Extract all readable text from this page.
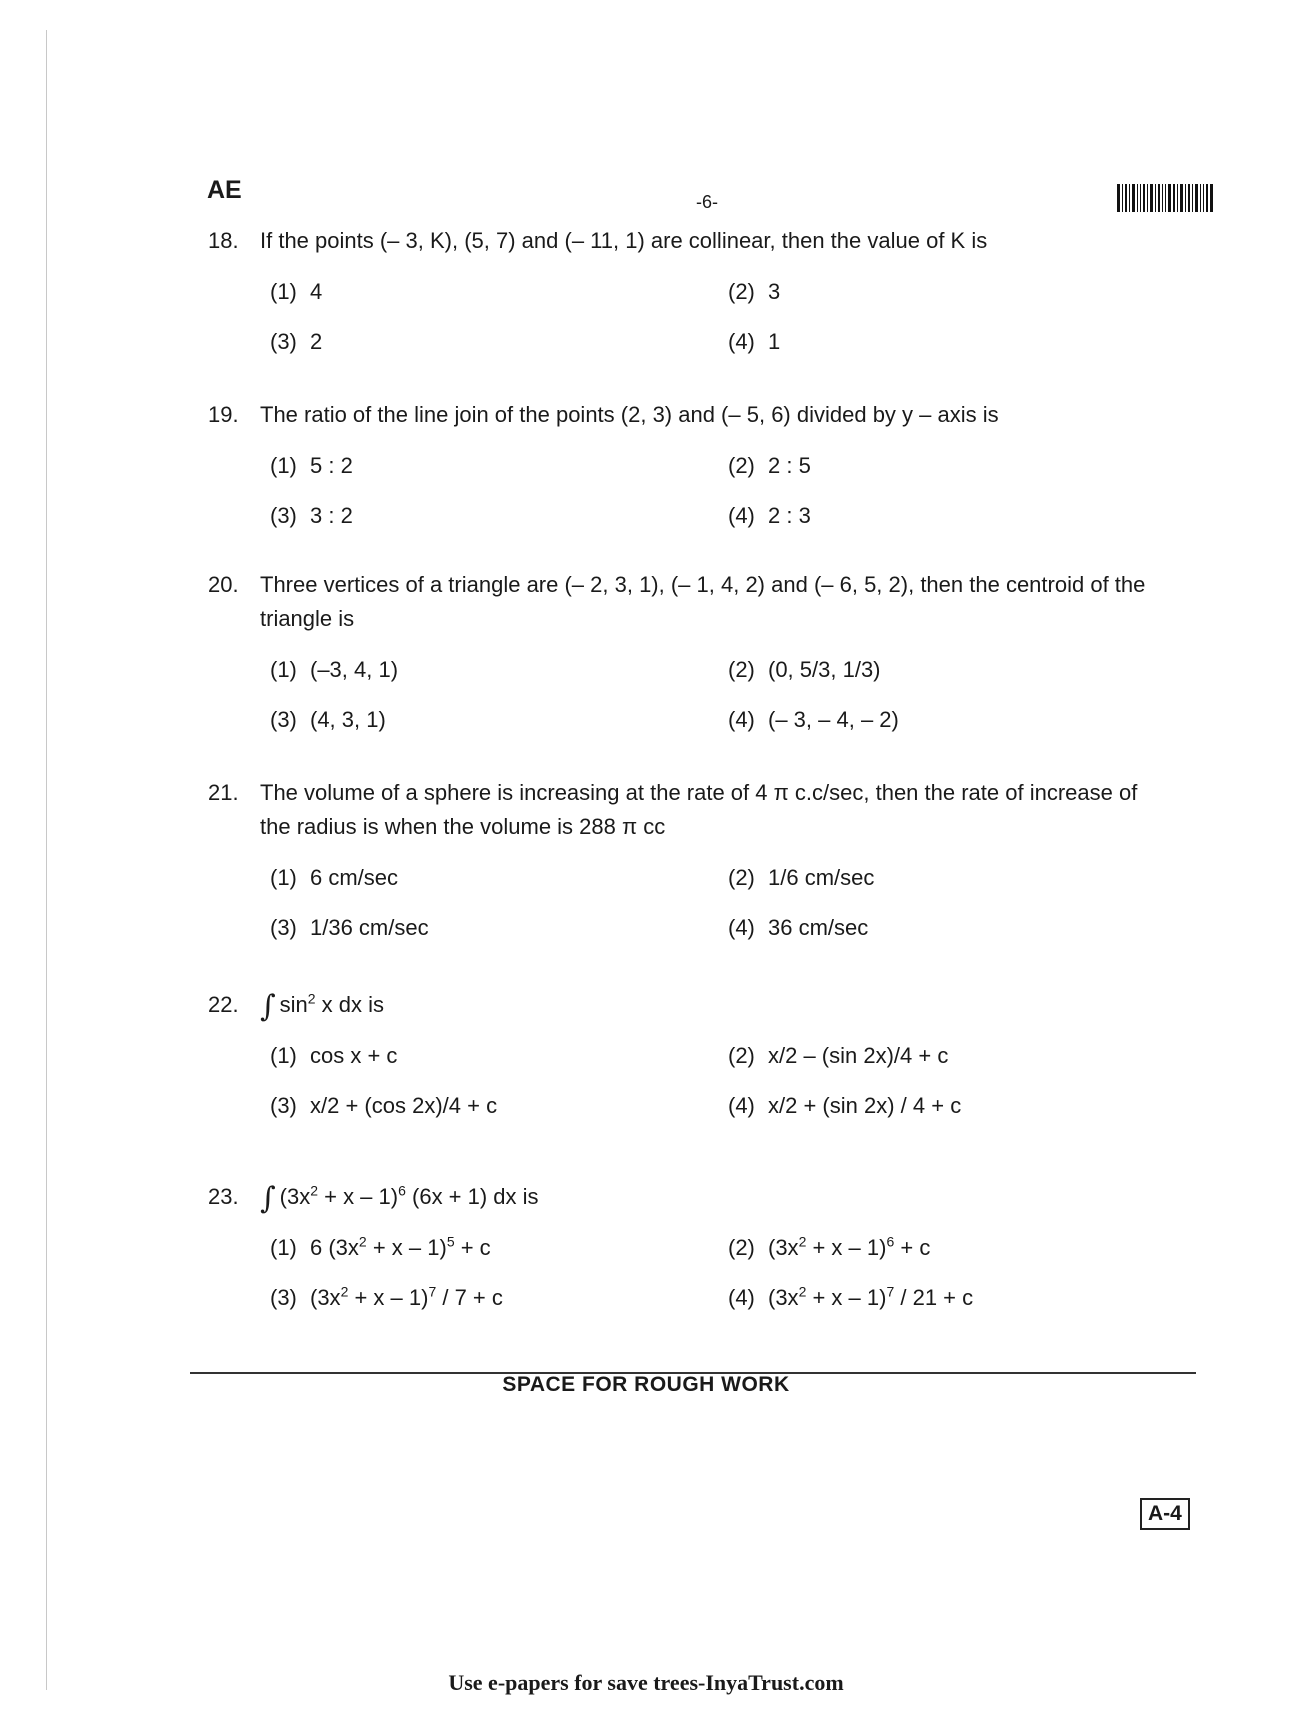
AE	-6-
18. If the points (– 3, K), (5, 7) and (– 11, 1) are collinear, then the value of K is
(1) 4	(2) 3
(3) 2	(4) 1
19. The ratio of the line join of the points (2, 3) and (– 5, 6) divided by y – axis is
(1) 5 : 2	(2) 2 : 5
(3) 3 : 2	(4) 2 : 3
20. Three vertices of a triangle are (– 2, 3, 1), (– 1, 4, 2) and (– 6, 5, 2), then the centroid of the triangle is
(1) (–3, 4, 1)	(2) (0, 5/3, 1/3)
(3) (4, 3, 1)	(4) (– 3, – 4, – 2)
21. The volume of a sphere is increasing at the rate of 4 π c.c/sec, then the rate of increase of the radius is when the volume is 288 π cc
(1) 6 cm/sec	(2) 1/6 cm/sec
(3) 1/36 cm/sec	(4) 36 cm/sec
22. ∫ $\sin^2 x$ dx is
(1) cos x + c	(2) x/2 – (sin 2x)/4 + c
(3) x/2 + (cos 2x)/4 + c	(4) x/2 + (sin 2x) / 4 + c
23. ∫ $(3x^2 + x - 1)^6$ (6x + 1) dx is
(1) 6 $(3x^2 + x - 1)^5 + c$	(2) $(3x^2 + x - 1)^6 + c$
(3) $(3x^2 + x - 1)^7 / 7 + c$	(4) $(3x^2 + x - 1)^7 / 21 + c$
SPACE FOR ROUGH WORK
A-4
Use e-papers for save trees-InyaTrust.com
